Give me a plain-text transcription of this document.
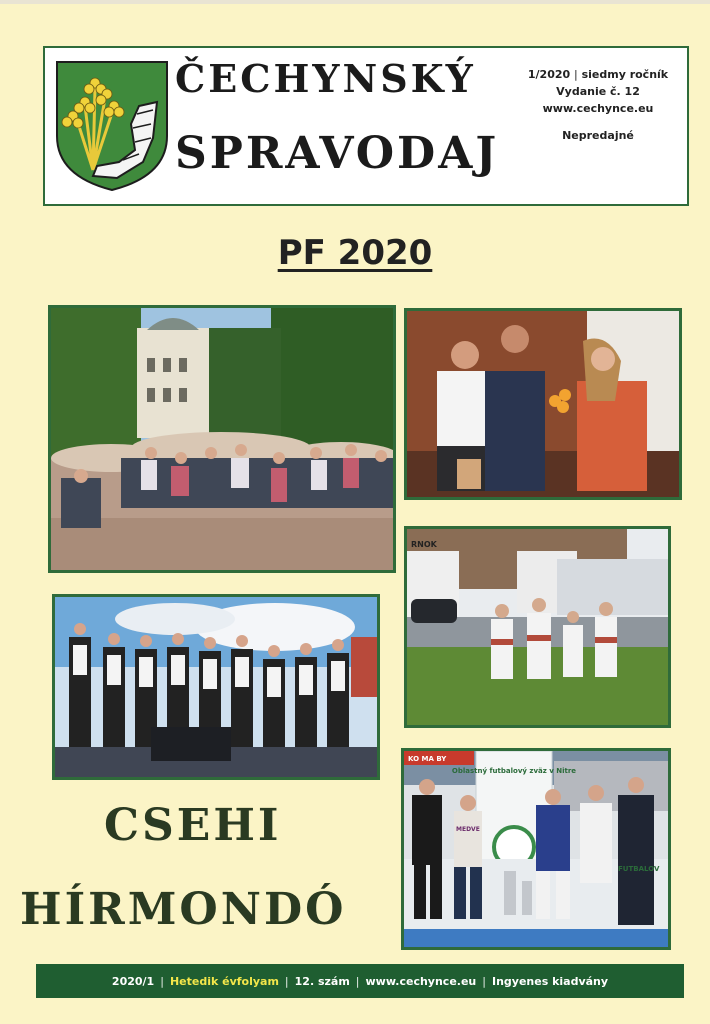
ČECHYNSKÝ
SPRAVODAJ
1/2020 | siedmy ročník
Vydanie č. 12
www.cechynce.eu
Nepredajné
PF 2020
RNOK
KO MA BY
Oblastný futbalový zväz v Nitre
FUTBALOV
MEDVE
CSEHI
HÍRMONDÓ
2020/1 | Hetedik évfolyam | 12. szám | www.cechynce.eu | Ingyenes kiadvány
